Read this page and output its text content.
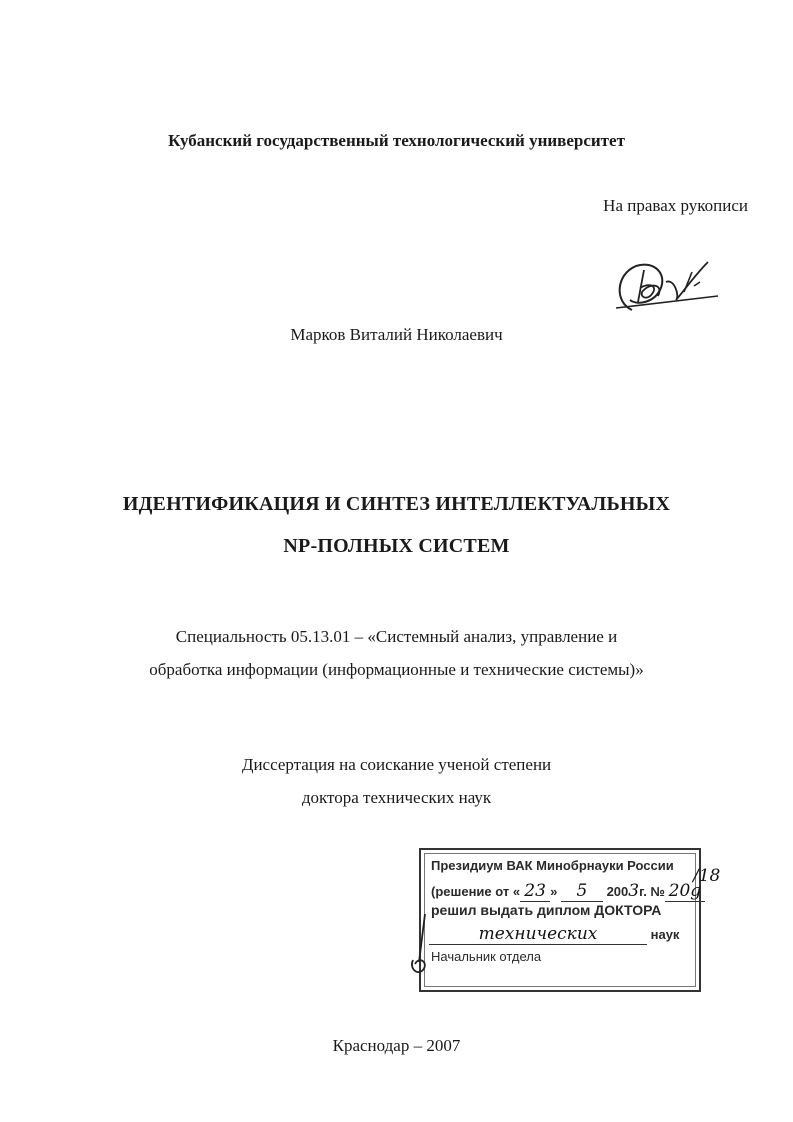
Кубанский государственный технологический университет
На правах рукописи
Марков Виталий Николаевич
ИДЕНТИФИКАЦИЯ И СИНТЕЗ ИНТЕЛЛЕКТУАЛЬНЫХ
NP-ПОЛНЫХ СИСТЕМ
Специальность 05.13.01 – «Системный анализ, управление и
обработка информации (информационные и технические системы)»
Диссертация на соискание ученой степени
доктора технических наук
Президиум ВАК Минобрнауки России
(решение от « 23 » 5 2003г. № 20g
решил выдать диплом ДОКТОРА
технических	наук
Начальник отдела
/18
Краснодар – 2007
